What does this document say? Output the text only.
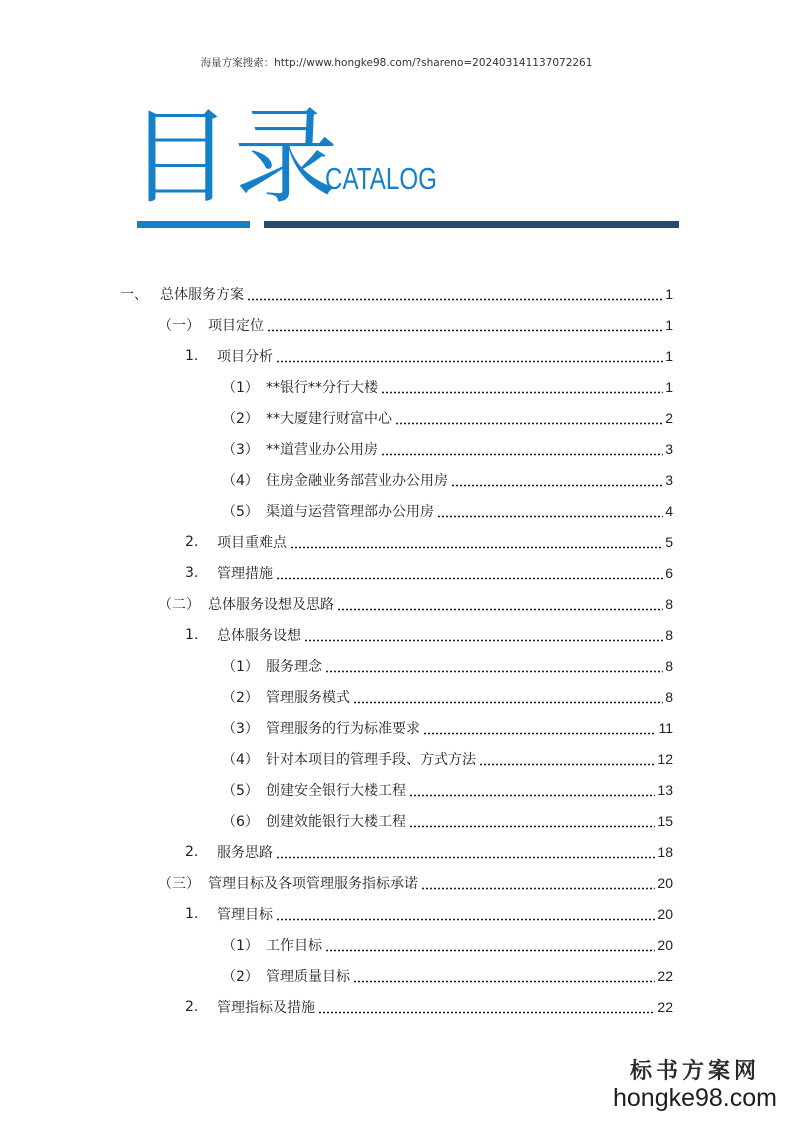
海量方案搜索：http://www.hongke98.com/?shareno=20240314113707​2261
目录
CATALOG
一、 总体服务方案	1
（一） 项目定位	1
1.	项目分析	1
（1） **银行**分行大楼	1
（2） **大厦建行财富中心	2
（3） **道营业办公用房	3
（4） 住房金融业务部营业办公用房	3
（5） 渠道与运营管理部办公用房	4
2.	项目重难点	5
3.	管理措施	6
（二） 总体服务设想及思路	8
1.	总体服务设想	8
（1） 服务理念	8
（2） 管理服务模式	8
（3） 管理服务的行为标准要求	11
（4） 针对本项目的管理手段、方式方法	12
（5） 创建安全银行大楼工程	13
（6） 创建效能银行大楼工程	15
2.	服务思路	18
（三） 管理目标及各项管理服务指标承诺	20
1.	管理目标	20
（1） 工作目标	20
（2） 管理质量目标	22
2.	管理指标及措施	22
标书方案网
hongke98.com
